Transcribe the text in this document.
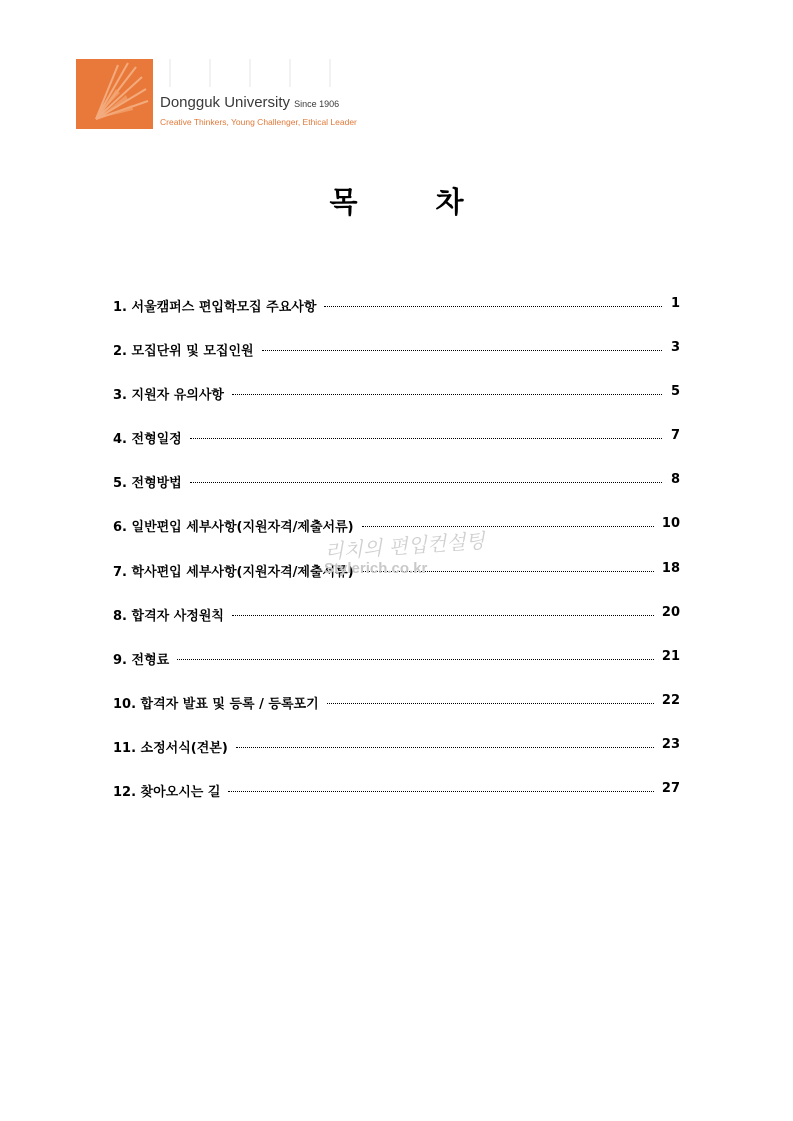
Dongguk University Since 1906
Creative Thinkers, Young Challenger, Ethical Leader
목 차
1. 서울캠퍼스 편입학모집 주요사항	1
2. 모집단위 및 모집인원	3
3. 지원자 유의사항	5
4. 전형일정	7
5. 전형방법	8
6. 일반편입 세부사항(지원자격/제출서류)	10
7. 학사편입 세부사항(지원자격/제출서류)	18
8. 합격자 사정원칙	20
9. 전형료	21
10. 합격자 발표 및 등록 / 등록포기	22
11. 소정서식(견본)	23
12. 찾아오시는 길	27
리치의 편입컨설팅
Stylerich.co.kr
